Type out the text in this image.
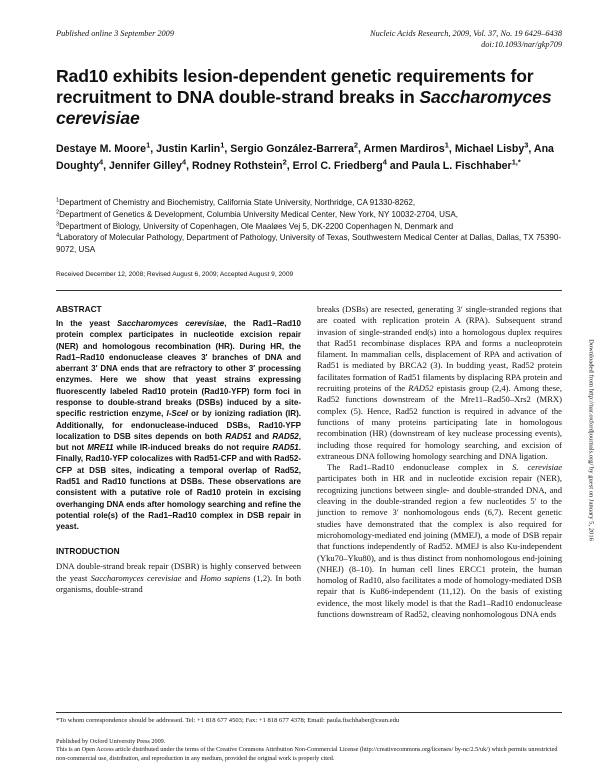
Published online 3 September 2009	Nucleic Acids Research, 2009, Vol. 37, No. 19 6429–6438
doi:10.1093/nar/gkp709
Rad10 exhibits lesion-dependent genetic requirements for recruitment to DNA double-strand breaks in Saccharomyces cerevisiae
Destaye M. Moore$^1$, Justin Karlin$^1$, Sergio González-Barrera$^2$, Armen Mardiros$^1$, Michael Lisby$^3$, Ana Doughty$^4$, Jennifer Gilley$^4$, Rodney Rothstein$^2$, Errol C. Friedberg$^4$ and Paula L. Fischhaber$^{1,*}$
$^1$Department of Chemistry and Biochemistry, California State University, Northridge, CA 91330-8262,
$^2$Department of Genetics & Development, Columbia University Medical Center, New York, NY 10032-2704, USA,
$^3$Department of Biology, University of Copenhagen, Ole Maaløes Vej 5, DK-2200 Copenhagen N, Denmark and
$^4$Laboratory of Molecular Pathology, Department of Pathology, University of Texas, Southwestern Medical Center at Dallas, Dallas, TX 75390-9072, USA
Received December 12, 2008; Revised August 6, 2009; Accepted August 9, 2009
Downloaded from http://nar.oxfordjournals.org/ by guest on January 5, 2016
ABSTRACT

In the yeast Saccharomyces cerevisiae, the Rad1–Rad10 protein complex participates in nucleotide excision repair (NER) and homologous recombination (HR). During HR, the Rad1–Rad10 endonuclease cleaves 3′ branches of DNA and aberrant 3′ DNA ends that are refractory to other 3′ processing enzymes. Here we show that yeast strains expressing fluorescently labeled Rad10 protein (Rad10-YFP) form foci in response to double-strand breaks (DSBs) induced by a site-specific restriction enzyme, I-SceI or by ionizing radiation (IR). Additionally, for endonuclease-induced DSBs, Rad10-YFP localization to DSB sites depends on both RAD51 and RAD52, but not MRE11 while IR-induced breaks do not require RAD51. Finally, Rad10-YFP colocalizes with Rad51-CFP and with Rad52-CFP at DSB sites, indicating a temporal overlap of Rad52, Rad51 and Rad10 functions at DSBs. These observations are consistent with a putative role of Rad10 protein in excising overhanging DNA ends after homology searching and refine the potential role(s) of the Rad1–Rad10 complex in DSB repair in yeast.

INTRODUCTION

DNA double-strand break repair (DSBR) is highly conserved between the yeast Saccharomyces cerevisiae and Homo sapiens (1,2). In both organisms, double-strand

breaks (DSBs) are resected, generating 3′ single-stranded regions that are coated with replication protein A (RPA). Subsequent strand invasion of single-stranded end(s) into a homologous duplex requires that Rad51 recombinase displaces RPA and forms a nucleoprotein filament. In mammalian cells, displacement of RPA and activation of Rad51 is mediated by BRCA2 (3). In budding yeast, Rad52 protein facilitates formation of Rad51 filaments by displacing RPA protein and recruiting proteins of the RAD52 epistasis group (2,4). Among these, Rad52 functions downstream of the Mre11–Rad50–Xrs2 (MRX) complex (5). Hence, Rad52 function is required in advance of the functions of many proteins participating late in homologous recombination (HR) (downstream of key nuclease processing events), including those required for homology searching, and excision of extraneous DNA following homology searching and DNA ligation.

The Rad1–Rad10 endonuclease complex in S. cerevisiae participates both in HR and in nucleotide excision repair (NER), recognizing junctions between single- and double-stranded DNA, and cleaving in the double-stranded region a few nucleotides 5′ to the junction to remove 3′ nonhomologous ends (6,7). Recent genetic studies have demonstrated that the complex is also required for microhomology-mediated end joining (MMEJ), a mode of DSB repair that functions independently of Rad52. MMEJ is also Ku-independent (Yku70–Yku80), and is thus distinct from nonhomologous end-joining (NHEJ) (8–10). In human cell lines ERCC1 protein, the human homolog of Rad10, also facilitates a mode of homology-mediated DSB repair that is Ku86-independent (11,12). On the basis of existing evidence, the most likely model is that the Rad1–Rad10 endonuclease functions downstream of Rad52, cleaving nonhomologous DNA ends

*To whom correspondence should be addressed. Tel: +1 818 677 4503; Fax: +1 818 677 4378; Email: paula.fischhaber@csun.edu
Published by Oxford University Press 2009.
This is an Open Access article distributed under the terms of the Creative Commons Attribution Non-Commercial License (http://creativecommons.org/licenses/ by-nc/2.5/uk/) which permits unrestricted non-commercial use, distribution, and reproduction in any medium, provided the original work is properly cited.
